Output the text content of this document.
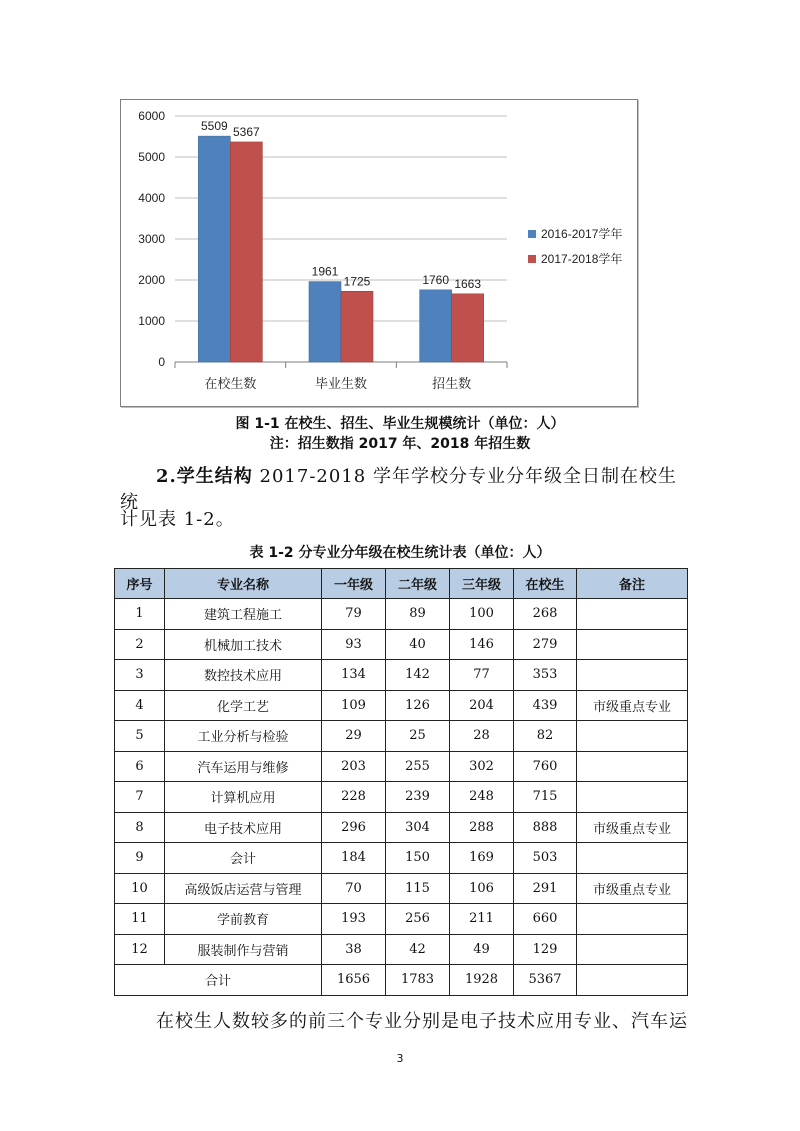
0
1000
2000
3000
4000
5000
6000
在校生数
5509 5367
毕业生数
1961
1725
招生数
1760 1663
2016-2017学年
2017-2018学年
图 1-1 在校生、招生、毕业生规模统计（单位：人）
注：招生数指 2017 年、2018 年招生数
2.学生结构 2017-2018 学年学校分专业分年级全日制在校生统
计见表 1-2。
表 1-2 分专业分年级在校生统计表（单位：人）
序号	专业名称	一年级	二年级	三年级	在校生	备注
1	建筑工程施工	79	89	100	268	
2	机械加工技术	93	40	146	279	
3	数控技术应用	134	142	77	353	
4	化学工艺	109	126	204	439	市级重点专业
5	工业分析与检验	29	25	28	82	
6	汽车运用与维修	203	255	302	760	
7	计算机应用	228	239	248	715	
8	电子技术应用	296	304	288	888	市级重点专业
9	会计	184	150	169	503	
10	高级饭店运营与管理	70	115	106	291	市级重点专业
11	学前教育	193	256	211	660	
12	服装制作与营销	38	42	49	129	
合计		1656	1783	1928	5367	
在校生人数较多的前三个专业分别是电子技术应用专业、汽车运
3
